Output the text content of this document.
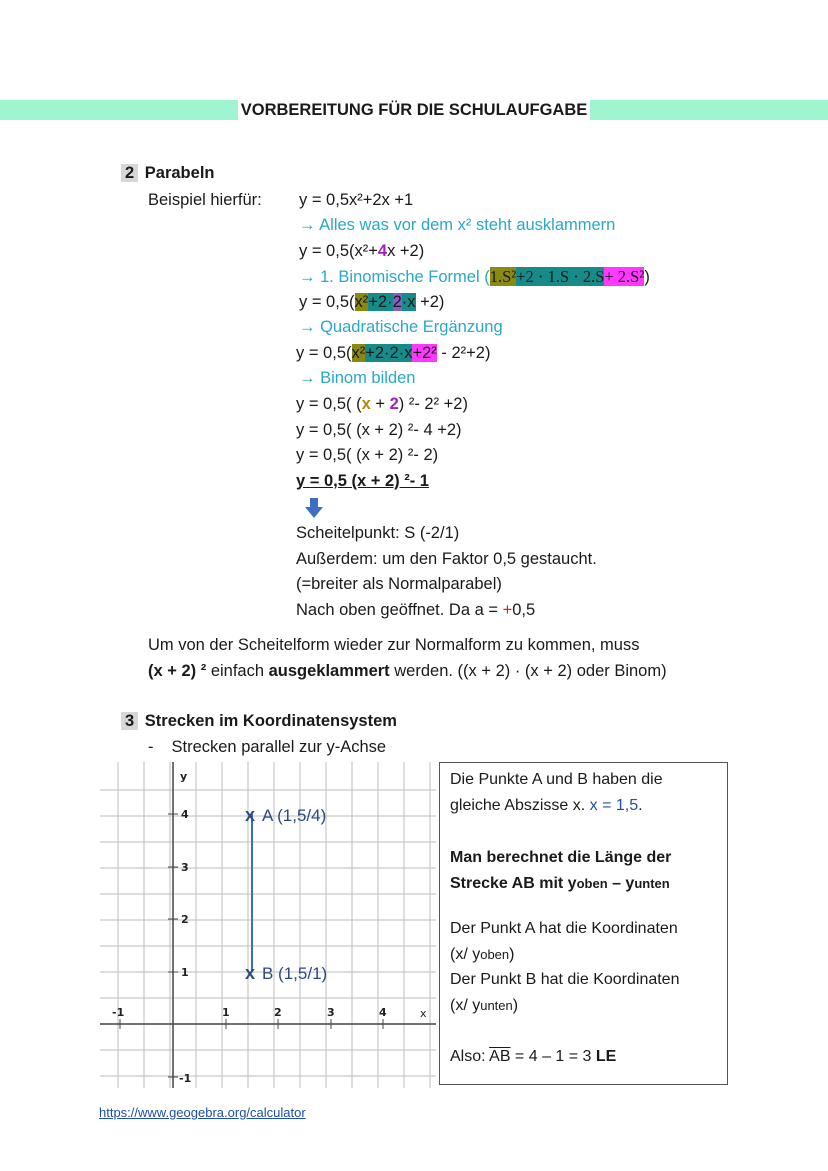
VORBEREITUNG FÜR DIE SCHULAUFGABE
2 Parabeln
Beispiel hierfür: y = 0,5x²+2x +1
→ Alles was vor dem x² steht ausklammern
y = 0,5(x²+4x +2)
→ 1. Binomische Formel (1.S²+2 · 1.S · 2.S+ 2.S²)
y = 0,5(x²+2·2·x +2)
→ Quadratische Ergänzung
y = 0,5(x²+2·2·x+2² - 2²+2)
→ Binom bilden
y = 0,5( (x + 2) ²- 2² +2)
y = 0,5( (x + 2) ²- 4 +2)
y = 0,5( (x + 2) ²- 2)
y = 0,5 (x + 2) ²- 1
Scheitelpunkt: S (-2/1)
Außerdem: um den Faktor 0,5 gestaucht.
(=breiter als Normalparabel)
Nach oben geöffnet. Da a = +0,5
Um von der Scheitelform wieder zur Normalform zu kommen, muss
(x + 2) ² einfach ausgeklammert werden. ((x + 2) · (x + 2) oder Binom)
3 Strecken im Koordinatensystem
- Strecken parallel zur y-Achse
y
x
-1	1	2	3	4
4
3
2
1
-1
x A (1,5/4)
x B (1,5/1)
Die Punkte A und B haben die
gleiche Abszisse x. x = 1,5.
Man berechnet die Länge der
Strecke AB mit yoben – yunten
Der Punkt A hat die Koordinaten
(x/ yoben)
Der Punkt B hat die Koordinaten
(x/ yunten)
Also: $\overline{AB} = 4 - 1 = 3$ LE
https://www.geogebra.org/calculator
